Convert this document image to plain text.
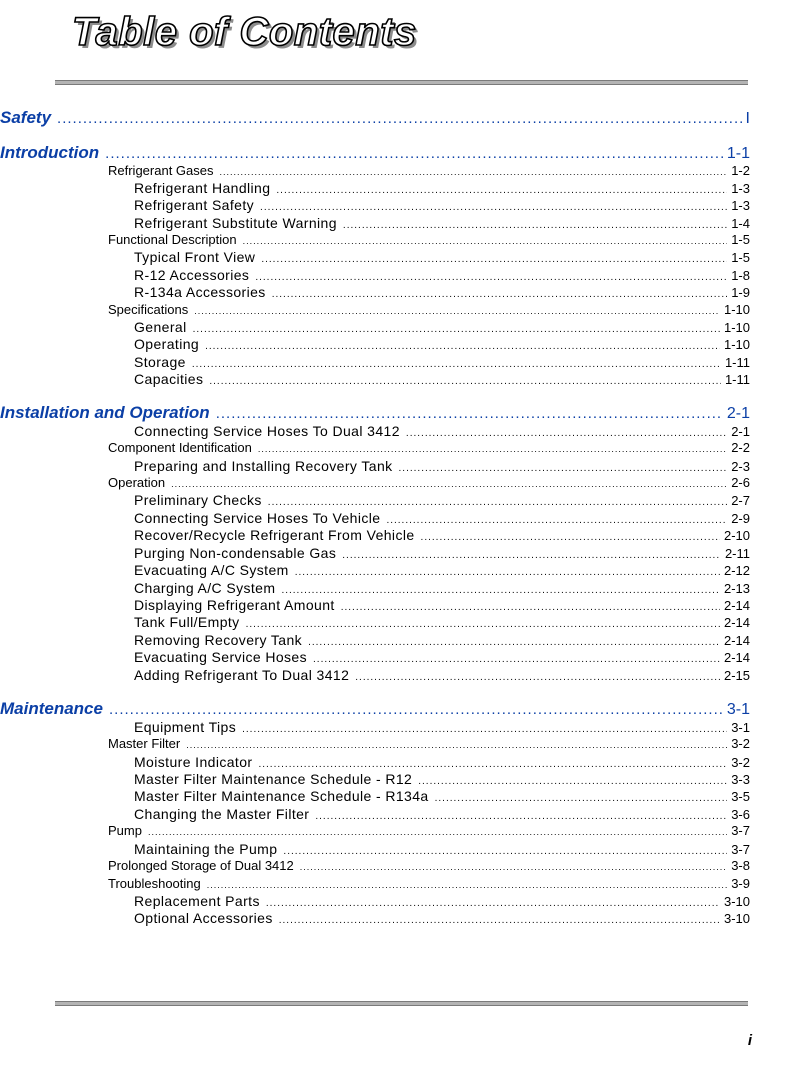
Table of Contents
Safety .....	I
Introduction .....	1-1
Refrigerant Gases .....	1-2
Refrigerant Handling .....	1-3
Refrigerant Safety .....	1-3
Refrigerant Substitute Warning .....	1-4
Functional Description .....	1-5
Typical Front View .....	1-5
R-12 Accessories .....	1-8
R-134a Accessories .....	1-9
Specifications .....	1-10
General .....	1-10
Operating .....	1-10
Storage .....	1-11
Capacities .....	1-11
Installation and Operation .....	2-1
Connecting Service Hoses To Dual 3412 .....	2-1
Component Identification .....	2-2
Preparing and Installing Recovery Tank .....	2-3
Operation .....	2-6
Preliminary Checks .....	2-7
Connecting Service Hoses To Vehicle .....	2-9
Recover/Recycle Refrigerant From Vehicle .....	2-10
Purging Non-condensable Gas .....	2-11
Evacuating A/C System .....	2-12
Charging A/C System .....	2-13
Displaying Refrigerant Amount .....	2-14
Tank Full/Empty .....	2-14
Removing Recovery Tank .....	2-14
Evacuating Service Hoses .....	2-14
Adding Refrigerant To Dual 3412 .....	2-15
Maintenance .....	3-1
Equipment Tips .....	3-1
Master Filter .....	3-2
Moisture Indicator .....	3-2
Master Filter Maintenance Schedule - R12 .....	3-3
Master Filter Maintenance Schedule - R134a .....	3-5
Changing the Master Filter .....	3-6
Pump .....	3-7
Maintaining the Pump .....	3-7
Prolonged Storage of Dual 3412 .....	3-8
Troubleshooting .....	3-9
Replacement Parts .....	3-10
Optional Accessories .....	3-10
i
